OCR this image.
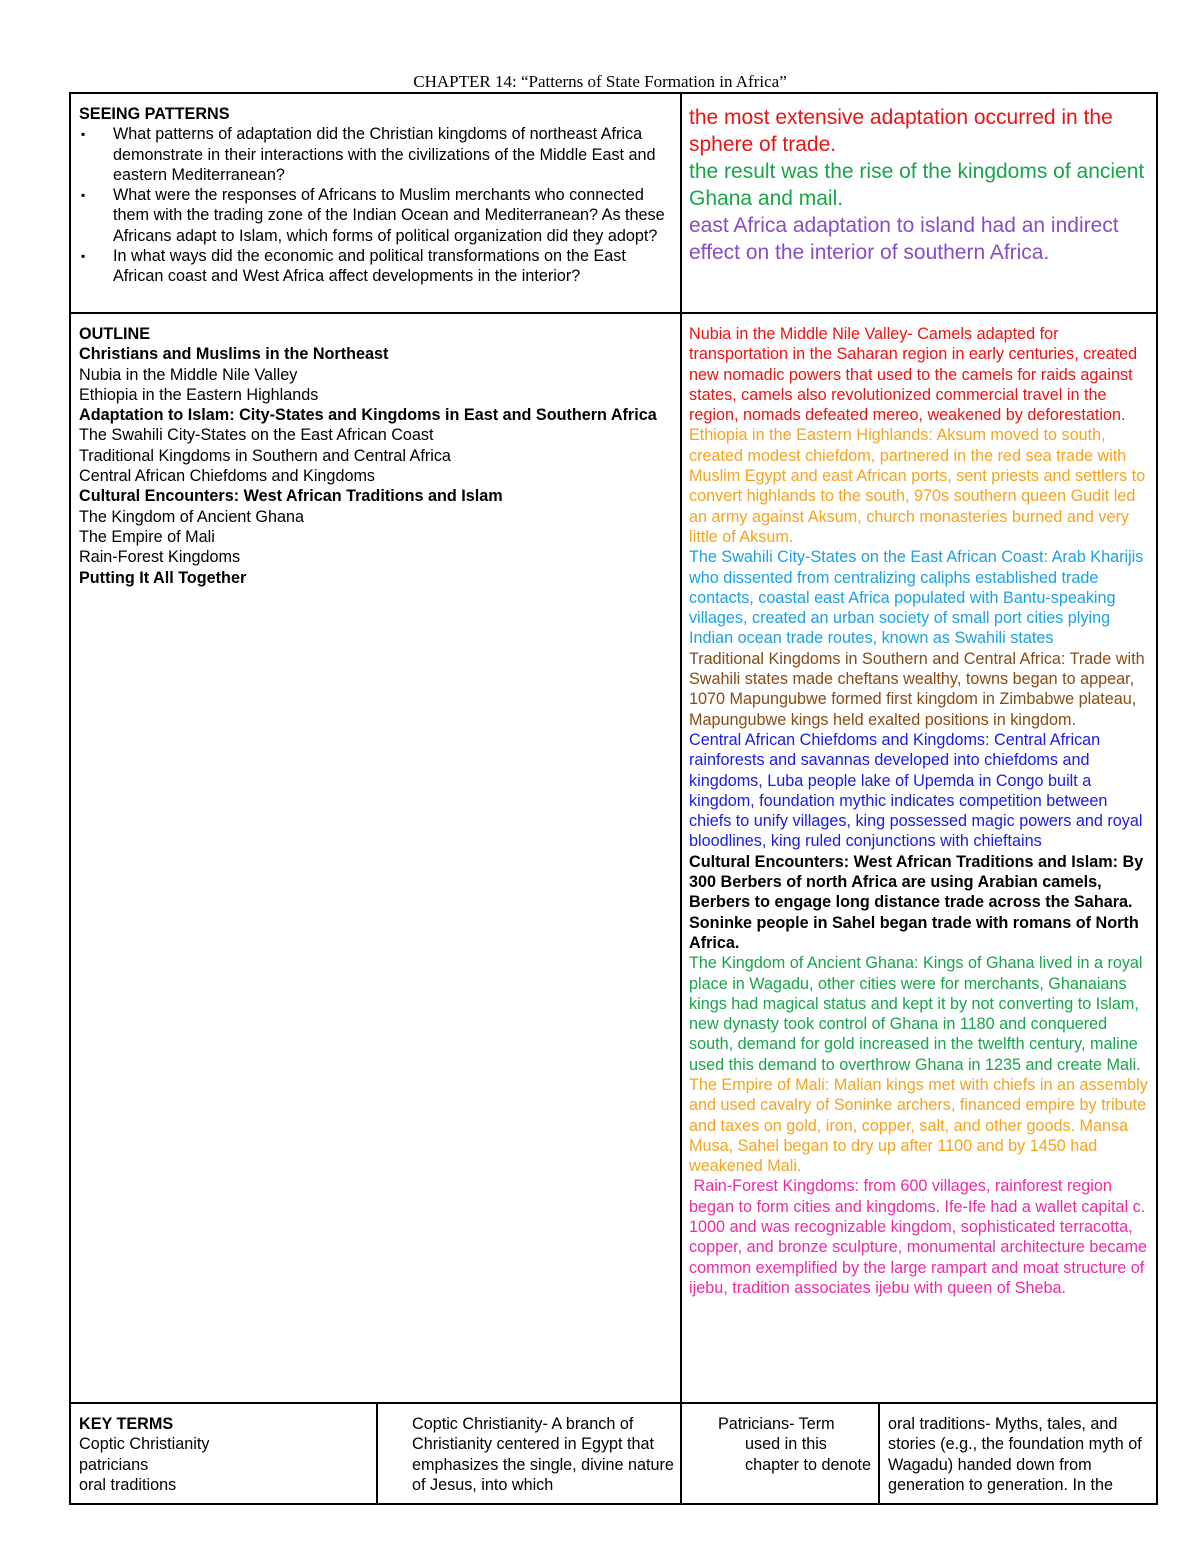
CHAPTER 14: “Patterns of State Formation in Africa”
SEEING PATTERNS
▪ What patterns of adaptation did the Christian kingdoms of northeast Africa demonstrate in their interactions with the civilizations of the Middle East and eastern Mediterranean?
▪ What were the responses of Africans to Muslim merchants who connected them with the trading zone of the Indian Ocean and Mediterranean? As these Africans adapt to Islam, which forms of political organization did they adopt?
▪ In what ways did the economic and political transformations on the East African coast and West Africa affect developments in the interior?
the most extensive adaptation occurred in the sphere of trade.
the result was the rise of the kingdoms of ancient Ghana and mail.
east Africa adaptation to island had an indirect effect on the interior of southern Africa.
OUTLINE
Christians and Muslims in the Northeast
Nubia in the Middle Nile Valley
Ethiopia in the Eastern Highlands
Adaptation to Islam: City-States and Kingdoms in East and Southern Africa
The Swahili City-States on the East African Coast
Traditional Kingdoms in Southern and Central Africa
Central African Chiefdoms and Kingdoms
Cultural Encounters: West African Traditions and Islam
The Kingdom of Ancient Ghana
The Empire of Mali
Rain-Forest Kingdoms
Putting It All Together
Nubia in the Middle Nile Valley- Camels adapted for transportation in the Saharan region in early centuries, created new nomadic powers that used to the camels for raids against states, camels also revolutionized commercial travel in the region, nomads defeated mereo, weakened by deforestation.
Ethiopia in the Eastern Highlands: Aksum moved to south, created modest chiefdom, partnered in the red sea trade with Muslim Egypt and east African ports, sent priests and settlers to convert highlands to the south, 970s southern queen Gudit led an army against Aksum, church monasteries burned and very little of Aksum.
The Swahili City-States on the East African Coast: Arab Kharijis who dissented from centralizing caliphs established trade contacts, coastal east Africa populated with Bantu-speaking villages, created an urban society of small port cities plying Indian ocean trade routes, known as Swahili states
Traditional Kingdoms in Southern and Central Africa: Trade with Swahili states made cheftans wealthy, towns began to appear, 1070 Mapungubwe formed first kingdom in Zimbabwe plateau, Mapungubwe kings held exalted positions in kingdom.
Central African Chiefdoms and Kingdoms: Central African rainforests and savannas developed into chiefdoms and kingdoms, Luba people lake of Upemda in Congo built a kingdom, foundation mythic indicates competition between chiefs to unify villages, king possessed magic powers and royal bloodlines, king ruled conjunctions with chieftains
Cultural Encounters: West African Traditions and Islam: By 300 Berbers of north Africa are using Arabian camels, Berbers to engage long distance trade across the Sahara. Soninke people in Sahel began trade with romans of North Africa.
The Kingdom of Ancient Ghana: Kings of Ghana lived in a royal place in Wagadu, other cities were for merchants, Ghanaians kings had magical status and kept it by not converting to Islam, new dynasty took control of Ghana in 1180 and conquered south, demand for gold increased in the twelfth century, maline used this demand to overthrow Ghana in 1235 and create Mali.
The Empire of Mali: Malian kings met with chiefs in an assembly and used cavalry of Soninke archers, financed empire by tribute and taxes on gold, iron, copper, salt, and other goods. Mansa Musa, Sahel began to dry up after 1100 and by 1450 had weakened Mali.
Rain-Forest Kingdoms: from 600 villages, rainforest region began to form cities and kingdoms. Ife-Ife had a wallet capital c. 1000 and was recognizable kingdom, sophisticated terracotta, copper, and bronze sculpture, monumental architecture became common exemplified by the large rampart and moat structure of ijebu, tradition associates ijebu with queen of Sheba.
KEY TERMS
Coptic Christianity
patricians
oral traditions
Coptic Christianity- A branch of Christianity centered in Egypt that emphasizes the single, divine nature of Jesus, into which
Patricians- Term
used in this chapter to denote
oral traditions- Myths, tales, and stories (e.g., the foundation myth of Wagadu) handed down from generation to generation. In the
